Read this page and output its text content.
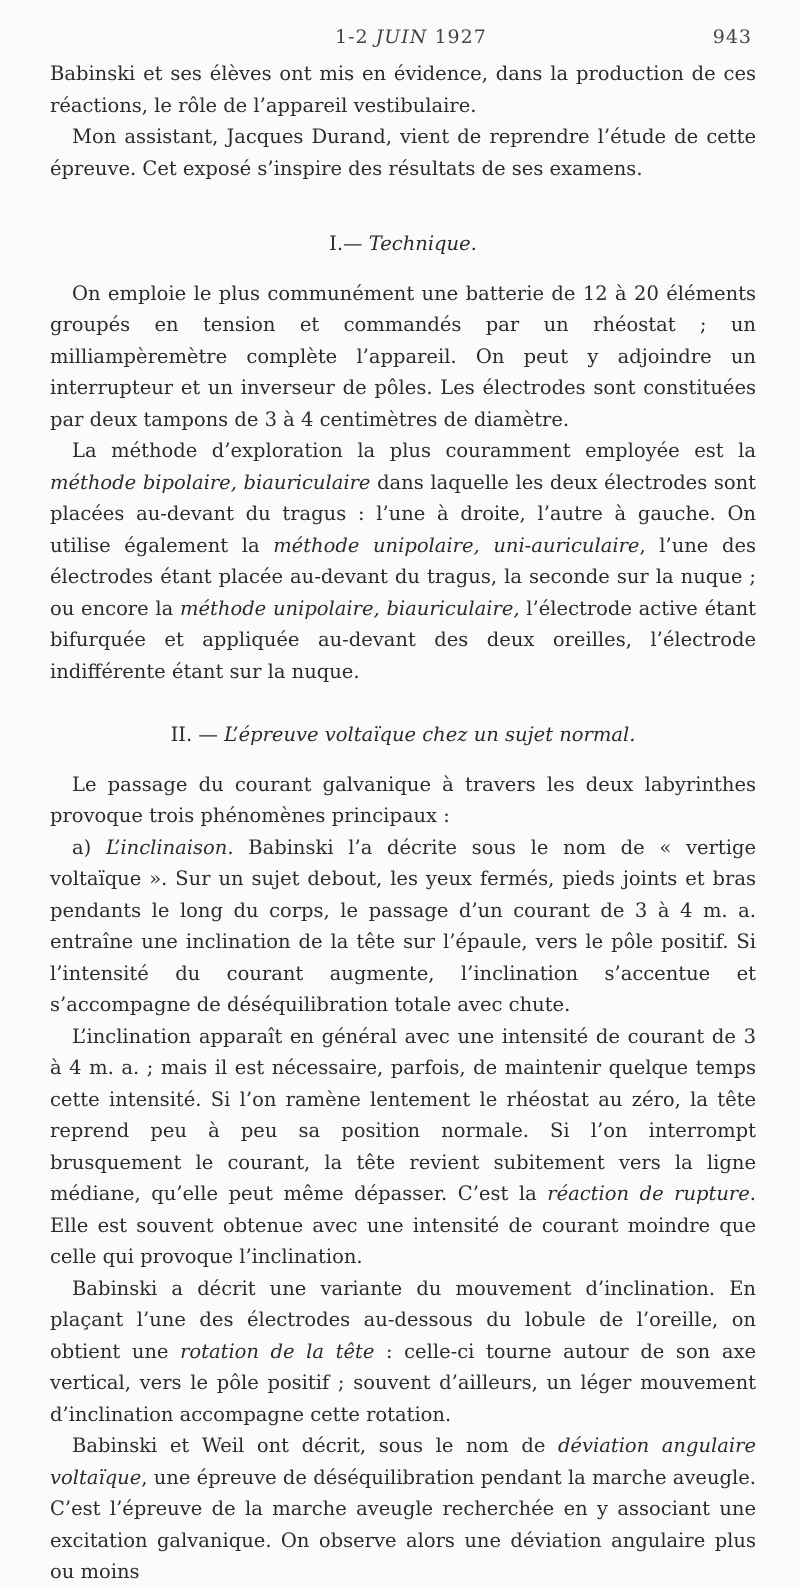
1-2 JUIN 1927	943

Babinski et ses élèves ont mis en évidence, dans la production de ces réactions, le rôle de l’appareil vestibulaire.

Mon assistant, Jacques Durand, vient de reprendre l’étude de cette épreuve. Cet exposé s’inspire des résultats de ses examens.

I.— Technique.

On emploie le plus communément une batterie de 12 à 20 éléments groupés en tension et commandés par un rhéostat ; un milliampèremètre complète l’appareil. On peut y adjoindre un interrupteur et un inverseur de pôles. Les électrodes sont constituées par deux tampons de 3 à 4 centimètres de diamètre.

La méthode d’exploration la plus couramment employée est la méthode bipolaire, biauriculaire dans laquelle les deux électrodes sont placées au-devant du tragus : l’une à droite, l’autre à gauche. On utilise également la méthode unipolaire, uni-auriculaire, l’une des électrodes étant placée au-devant du tragus, la seconde sur la nuque ; ou encore la méthode unipolaire, biauriculaire, l’électrode active étant bifurquée et appliquée au-devant des deux oreilles, l’électrode indifférente étant sur la nuque.

II. — L’épreuve voltaïque chez un sujet normal.

Le passage du courant galvanique à travers les deux labyrinthes provoque trois phénomènes principaux :

a) L’inclinaison. Babinski l’a décrite sous le nom de « vertige voltaïque ». Sur un sujet debout, les yeux fermés, pieds joints et bras pendants le long du corps, le passage d’un courant de 3 à 4 m. a. entraîne une inclination de la tête sur l’épaule, vers le pôle positif. Si l’intensité du courant augmente, l’inclination s’accentue et s’accompagne de déséquilibration totale avec chute.

L’inclination apparaît en général avec une intensité de courant de 3 à 4 m. a. ; mais il est nécessaire, parfois, de maintenir quelque temps cette intensité. Si l’on ramène lentement le rhéostat au zéro, la tête reprend peu à peu sa position normale. Si l’on interrompt brusquement le courant, la tête revient subitement vers la ligne médiane, qu’elle peut même dépasser. C’est la réaction de rupture. Elle est souvent obtenue avec une intensité de courant moindre que celle qui provoque l’inclination.

Babinski a décrit une variante du mouvement d’inclination. En plaçant l’une des électrodes au-dessous du lobule de l’oreille, on obtient une rotation de la tête : celle-ci tourne autour de son axe vertical, vers le pôle positif ; souvent d’ailleurs, un léger mouvement d’inclination accompagne cette rotation.

Babinski et Weil ont décrit, sous le nom de déviation angulaire voltaïque, une épreuve de déséquilibration pendant la marche aveugle. C’est l’épreuve de la marche aveugle recherchée en y associant une excitation galvanique. On observe alors une déviation angulaire plus ou moins
